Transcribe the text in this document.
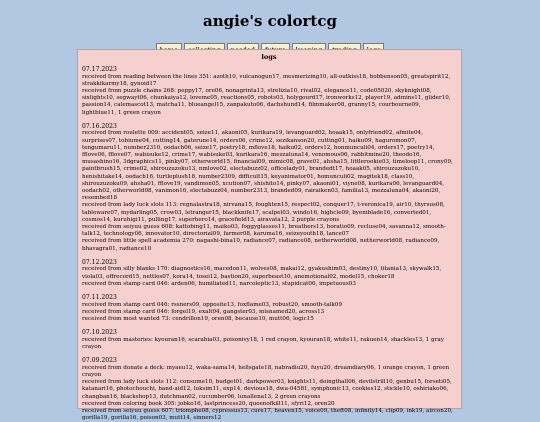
angie's colortcg
logs
07.17.2023
received from reading between the lines 351: azoth10, vulcanogun17, mesmerizing10, all-outkiss18, bobbenson05, greatspirit12, strakkikarmy18, gynoid17
received from puzzle chains 268: peppy17, ore06, nonagrinta13, strelizia10, rival02, elegance11, code05020, skyknight08, sixlights10, segwayt06, chunkaiya12, loveme05, reactions05, robots03, holygourd17, ironworks12, player19, admins11, glider10, passion14, calemascot13, matcha11, blueangel15, zanpakuto06, dachshund14, filmmaker08, granny15, courbourne09, lightblue11, 1 green crayon
07.16.2023
received from roulette 009: accident05, seize11, akaoni05, kurikara19, levanguard02, hoaak15, onlyfriend02, afmite04, surprises07, tobiume04, cutting14, gaterune14, orders06, crime12, sezikanson20, cutting01, haiku09, haguromon07, tengumaru11, number2310, oodach06, seize17, poetry18, mflove18, haiku02, orders12, honmunculi04, orders17, poetry14, fflove06, fflove07, wabisuke12, crime17, wabisuke03, kurikara16, mezzaluna14, venomous06, rabbitmine20, theodo16, musashino16, 3dgraphics11, pinky07, otherworld15, financial09, mimic08, grave01, ahsha15, littlerookie03, timeloop11, crony09, paintbrush15, crime02, shirouzuzoku13, nmlove02, electabuzz02, officelady01, brandedt17, hoaak05, shirouzuzoku10, henishitake14, oodach16, turtleplush18, number2309, difficult15, keyanimator01, homunculi02, magitek18, class10, shirouzuzoku09, ahsha01, fflove19, vandimon05, xcution07, shishito14, pinky07, akaoni01, viyne08, kurikara06, levanguard04, oodach02, otherworld08, vanimon16, electabuzz04, number2313, branded09, rairaiken03, familia13, mezzaluna04, akaoni20, resembed18
received from lady luck slots 113: regnalastra18, nirvana15, foughten15, respect02, conquer17, t-veronica19, air10, thyrsus08, tableware07, mydarling05, crow03, letranger15, blackknife17, scalpel03, windo16, highcle09, byeniblade16, converted01, cosmos14, kuruhigi11, pulling17, superhero14, gracefield13, airavata12, 2 purple crayons
received from seiyuu guess 608: kattobing11, maiko03, foggyglasses11, breathers13, horatio09, recluse04, savanna12, smooth-talk12, technology06, innovator10, directorial09, farmer08, karuma16, seizeyouth18, lance07
received from little spell academia 270: nagashi-bina10, radiance07, radiance08, netherworld08, netherworld08, radiance09, bhavagra01, radiance10
07.12.2023
received from silly blanks 170: diagnostics16, macedon11, wolves08, makai12, gyakushim03, destiny10, titania13, skywalk15, viola03, offrecord15, nettles07, kora14, tosei12, bastion20, superbeast10, anemotional02, model15, choker18
received from stamp card 046: arden06, humiliated11, narcoleptic13, stupidcat06, impetuous03
07.11.2023
received from stamp card 046: rssners09, opposite13, foxflame03, robust20, smooth-talk09
received from stamp card 046: forgel19, exalt04, gangster03, misnamed20, across13
received from most wanted 73: cendrillon19, oren08, because10, mutt06, logic15
07.10.2023
received from masteries: kyouran16, scarabia03, poisonivy18, 1 red crayon, kyouran18, white11, rakuen14, shackles13, 1 gray crayon
07.09.2023
received from donate a deck: myaeu12, waka-sama14, hellsgate18, nabradiu20, fuyu20, dreamdiary06, 1 orange crayon, 1 green crayon
received from lady luck slots 112: consume10, budget01, darkpower03, knights11, doingthall06, devilstrill10, genbu15, forseti05, katanari16, photochouchi, band-aid12, luksim11, exp14, devious18, dwa-04581, symphonic13, cookies12, stickle10, oshiriako06, changban16, blackshop13, dutchman02, cucumber06, lunallena13, 2 green crayons
received from coloring book 305: jobko16, lastprincess20, queenofkill11, sfyri12, oren20
received from seiyuu guess 607: triomphe08, cypressus13, cure17, heaven15, voice09, theft08, infinity14, clip09, ink19, aircon20, gorilla19, gorilla16, poison03, mutt14, sinners12
